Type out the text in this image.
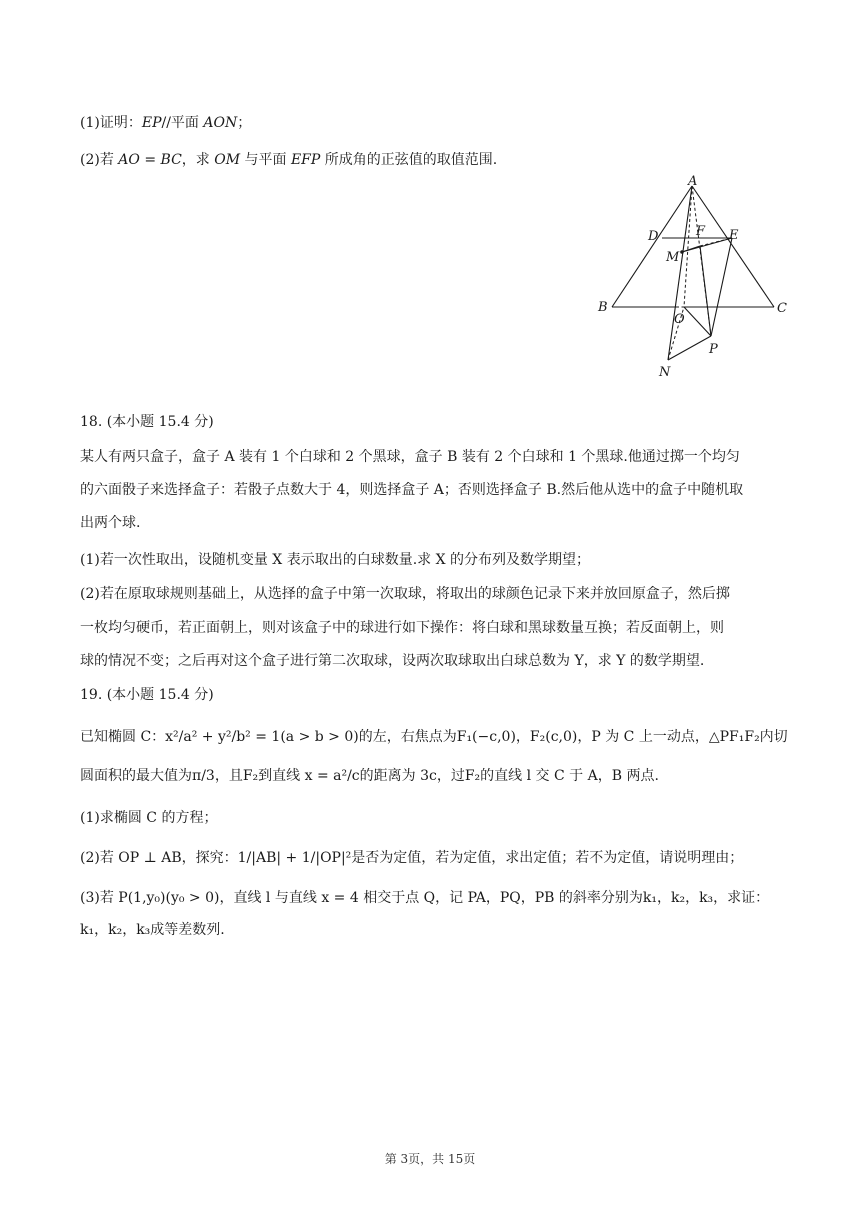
(1)证明：EP//平面 AON；
(2)若 AO = BC，求 OM 与平面 EFP 所成角的正弦值的取值范围.
A
D	F E
M
B
O
C
P
N
18. (本小题 15.4 分)
某人有两只盒子，盒子 A 装有 1 个白球和 2 个黑球，盒子 B 装有 2 个白球和 1 个黑球.他通过掷一个均匀
的六面骰子来选择盒子：若骰子点数大于 4，则选择盒子 A；否则选择盒子 B.然后他从选中的盒子中随机取
出两个球.
(1)若一次性取出，设随机变量 X 表示取出的白球数量.求 X 的分布列及数学期望；
(2)若在原取球规则基础上，从选择的盒子中第一次取球，将取出的球颜色记录下来并放回原盒子，然后掷
一枚均匀硬币，若正面朝上，则对该盒子中的球进行如下操作：将白球和黑球数量互换；若反面朝上，则
球的情况不变；之后再对这个盒子进行第二次取球，设两次取球取出白球总数为 Y，求 Y 的数学期望.
19. (本小题 15.4 分)
已知椭圆 C：x²/a² + y²/b² = 1(a > b > 0)的左，右焦点为F₁(−c,0)，F₂(c,0)，P 为 C 上一动点，△PF₁F₂内切
圆面积的最大值为π/3，且F₂到直线 x = a²/c的距离为 3c，过F₂的直线 l 交 C 于 A，B 两点.
(1)求椭圆 C 的方程；
(2)若 OP ⊥ AB，探究：1/|AB| + 1/|OP|²是否为定值，若为定值，求出定值；若不为定值，请说明理由；
(3)若 P(1,y₀)(y₀ > 0)，直线 l 与直线 x = 4 相交于点 Q，记 PA，PQ，PB 的斜率分别为k₁，k₂，k₃，求证：
k₁，k₂，k₃成等差数列.
第 3页，共 15页
